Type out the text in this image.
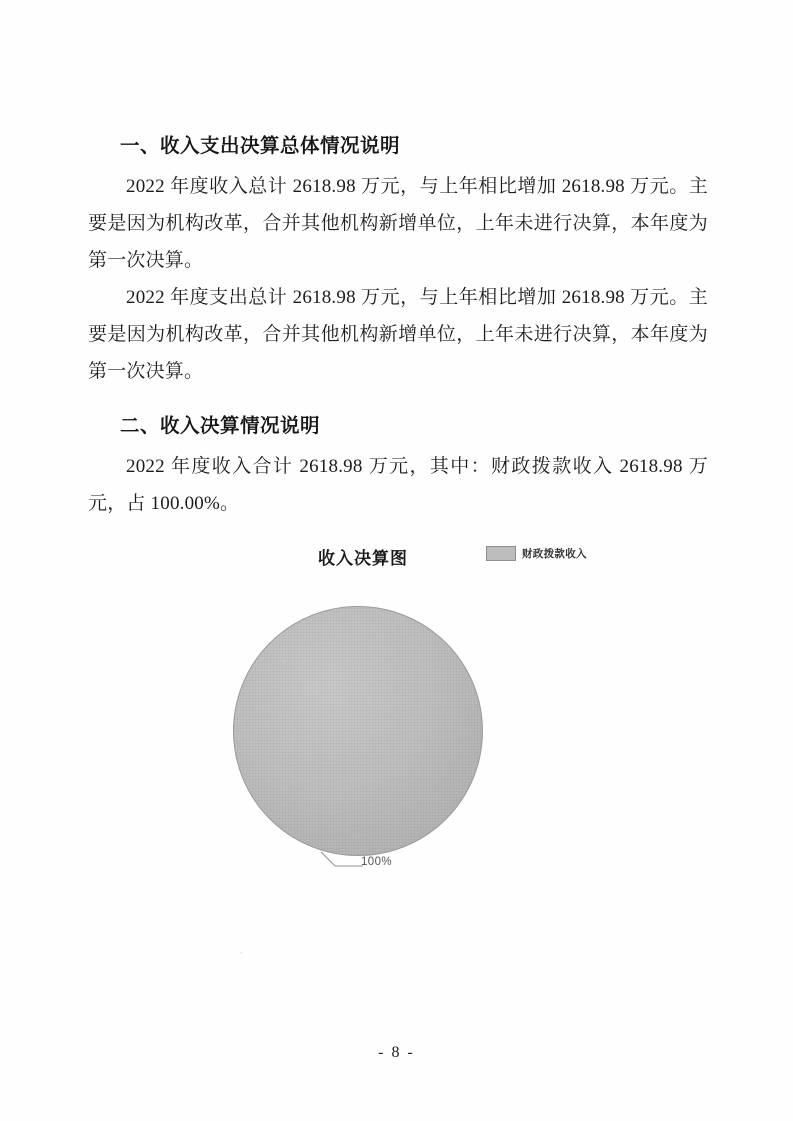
一、收入支出决算总体情况说明

2022 年度收入总计 2618.98 万元，与上年相比增加 2618.98 万元。主要是因为机构改革，合并其他机构新增单位，上年未进行决算，本年度为第一次决算。

2022 年度支出总计 2618.98 万元，与上年相比增加 2618.98 万元。主要是因为机构改革，合并其他机构新增单位，上年未进行决算，本年度为第一次决算。

二、收入决算情况说明

2022 年度收入合计 2618.98 万元，其中：财政拨款收入 2618.98 万元，占 100.00%。

收入决算图	财政拨款收入
100%
- 8 -
